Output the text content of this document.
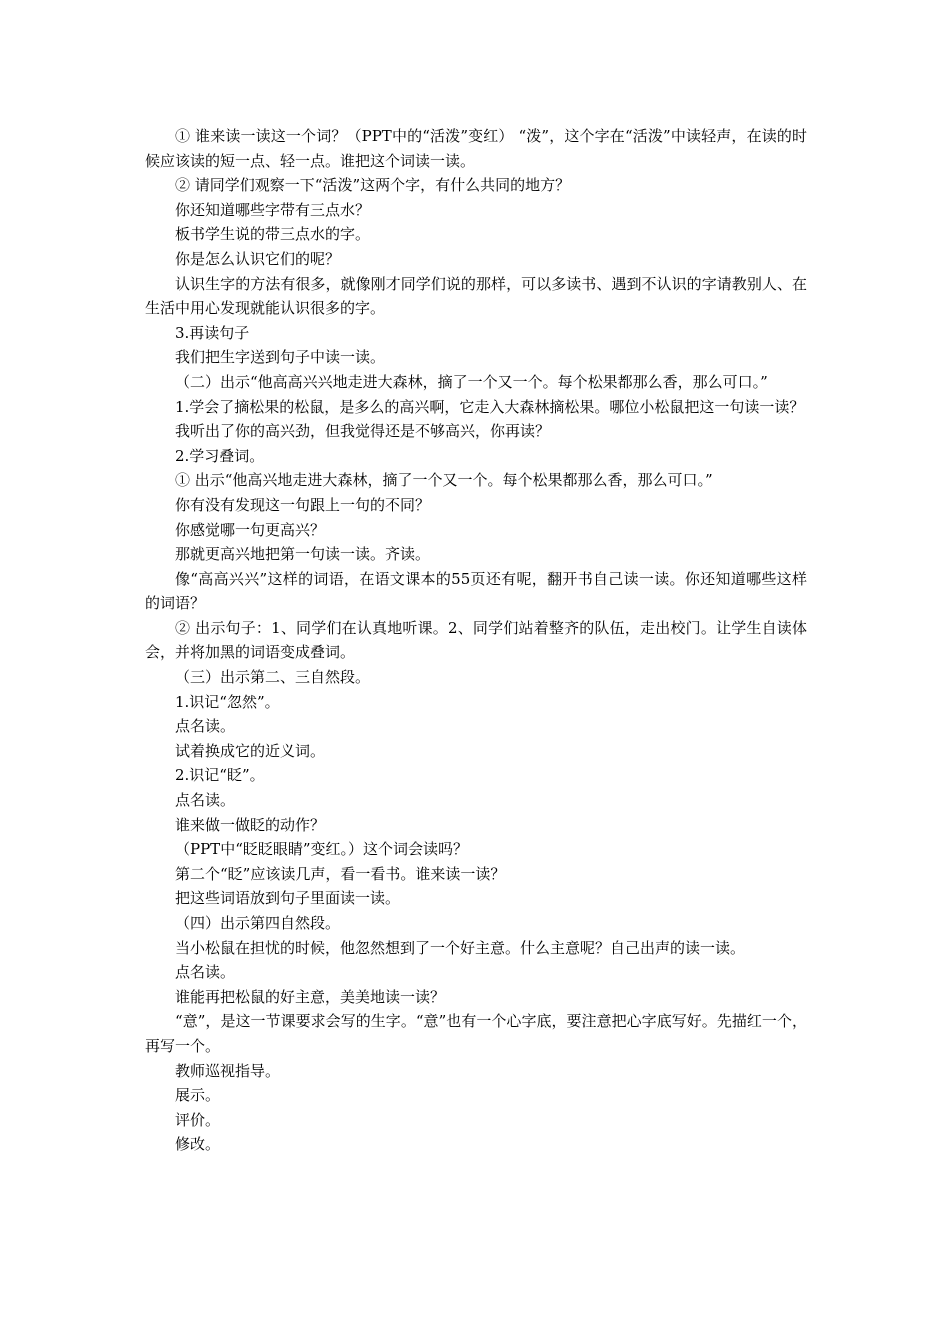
① 谁来读一读这一个词？（PPT中的“活泼”变红） “泼”，这个字在“活泼”中读轻声，在读的时候应该读的短一点、轻一点。谁把这个词读一读。

② 请同学们观察一下“活泼”这两个字，有什么共同的地方？

你还知道哪些字带有三点水？

板书学生说的带三点水的字。

你是怎么认识它们的呢？

认识生字的方法有很多，就像刚才同学们说的那样，可以多读书、遇到不认识的字请教别人、在生活中用心发现就能认识很多的字。

3.再读句子

我们把生字送到句子中读一读。

（二）出示“他高高兴兴地走进大森林，摘了一个又一个。每个松果都那么香，那么可口。”

1.学会了摘松果的松鼠，是多么的高兴啊，它走入大森林摘松果。哪位小松鼠把这一句读一读？

我听出了你的高兴劲，但我觉得还是不够高兴，你再读？

2.学习叠词。

① 出示“他高兴地走进大森林，摘了一个又一个。每个松果都那么香，那么可口。”

你有没有发现这一句跟上一句的不同？

你感觉哪一句更高兴？

那就更高兴地把第一句读一读。齐读。

像“高高兴兴”这样的词语，在语文课本的55页还有呢，翻开书自己读一读。你还知道哪些这样的词语？

② 出示句子：1、同学们在认真地听课。2、同学们站着整齐的队伍，走出校门。让学生自读体会，并将加黑的词语变成叠词。

（三）出示第二、三自然段。

1.识记“忽然”。

点名读。

试着换成它的近义词。

2.识记“眨”。

点名读。

谁来做一做眨的动作？

（PPT中“眨眨眼睛”变红。）这个词会读吗？

第二个“眨”应该读几声，看一看书。谁来读一读？

把这些词语放到句子里面读一读。

（四）出示第四自然段。

当小松鼠在担忧的时候，他忽然想到了一个好主意。什么主意呢？自己出声的读一读。

点名读。

谁能再把松鼠的好主意，美美地读一读？

“意”，是这一节课要求会写的生字。“意”也有一个心字底，要注意把心字底写好。先描红一个，再写一个。

教师巡视指导。

展示。

评价。

修改。
